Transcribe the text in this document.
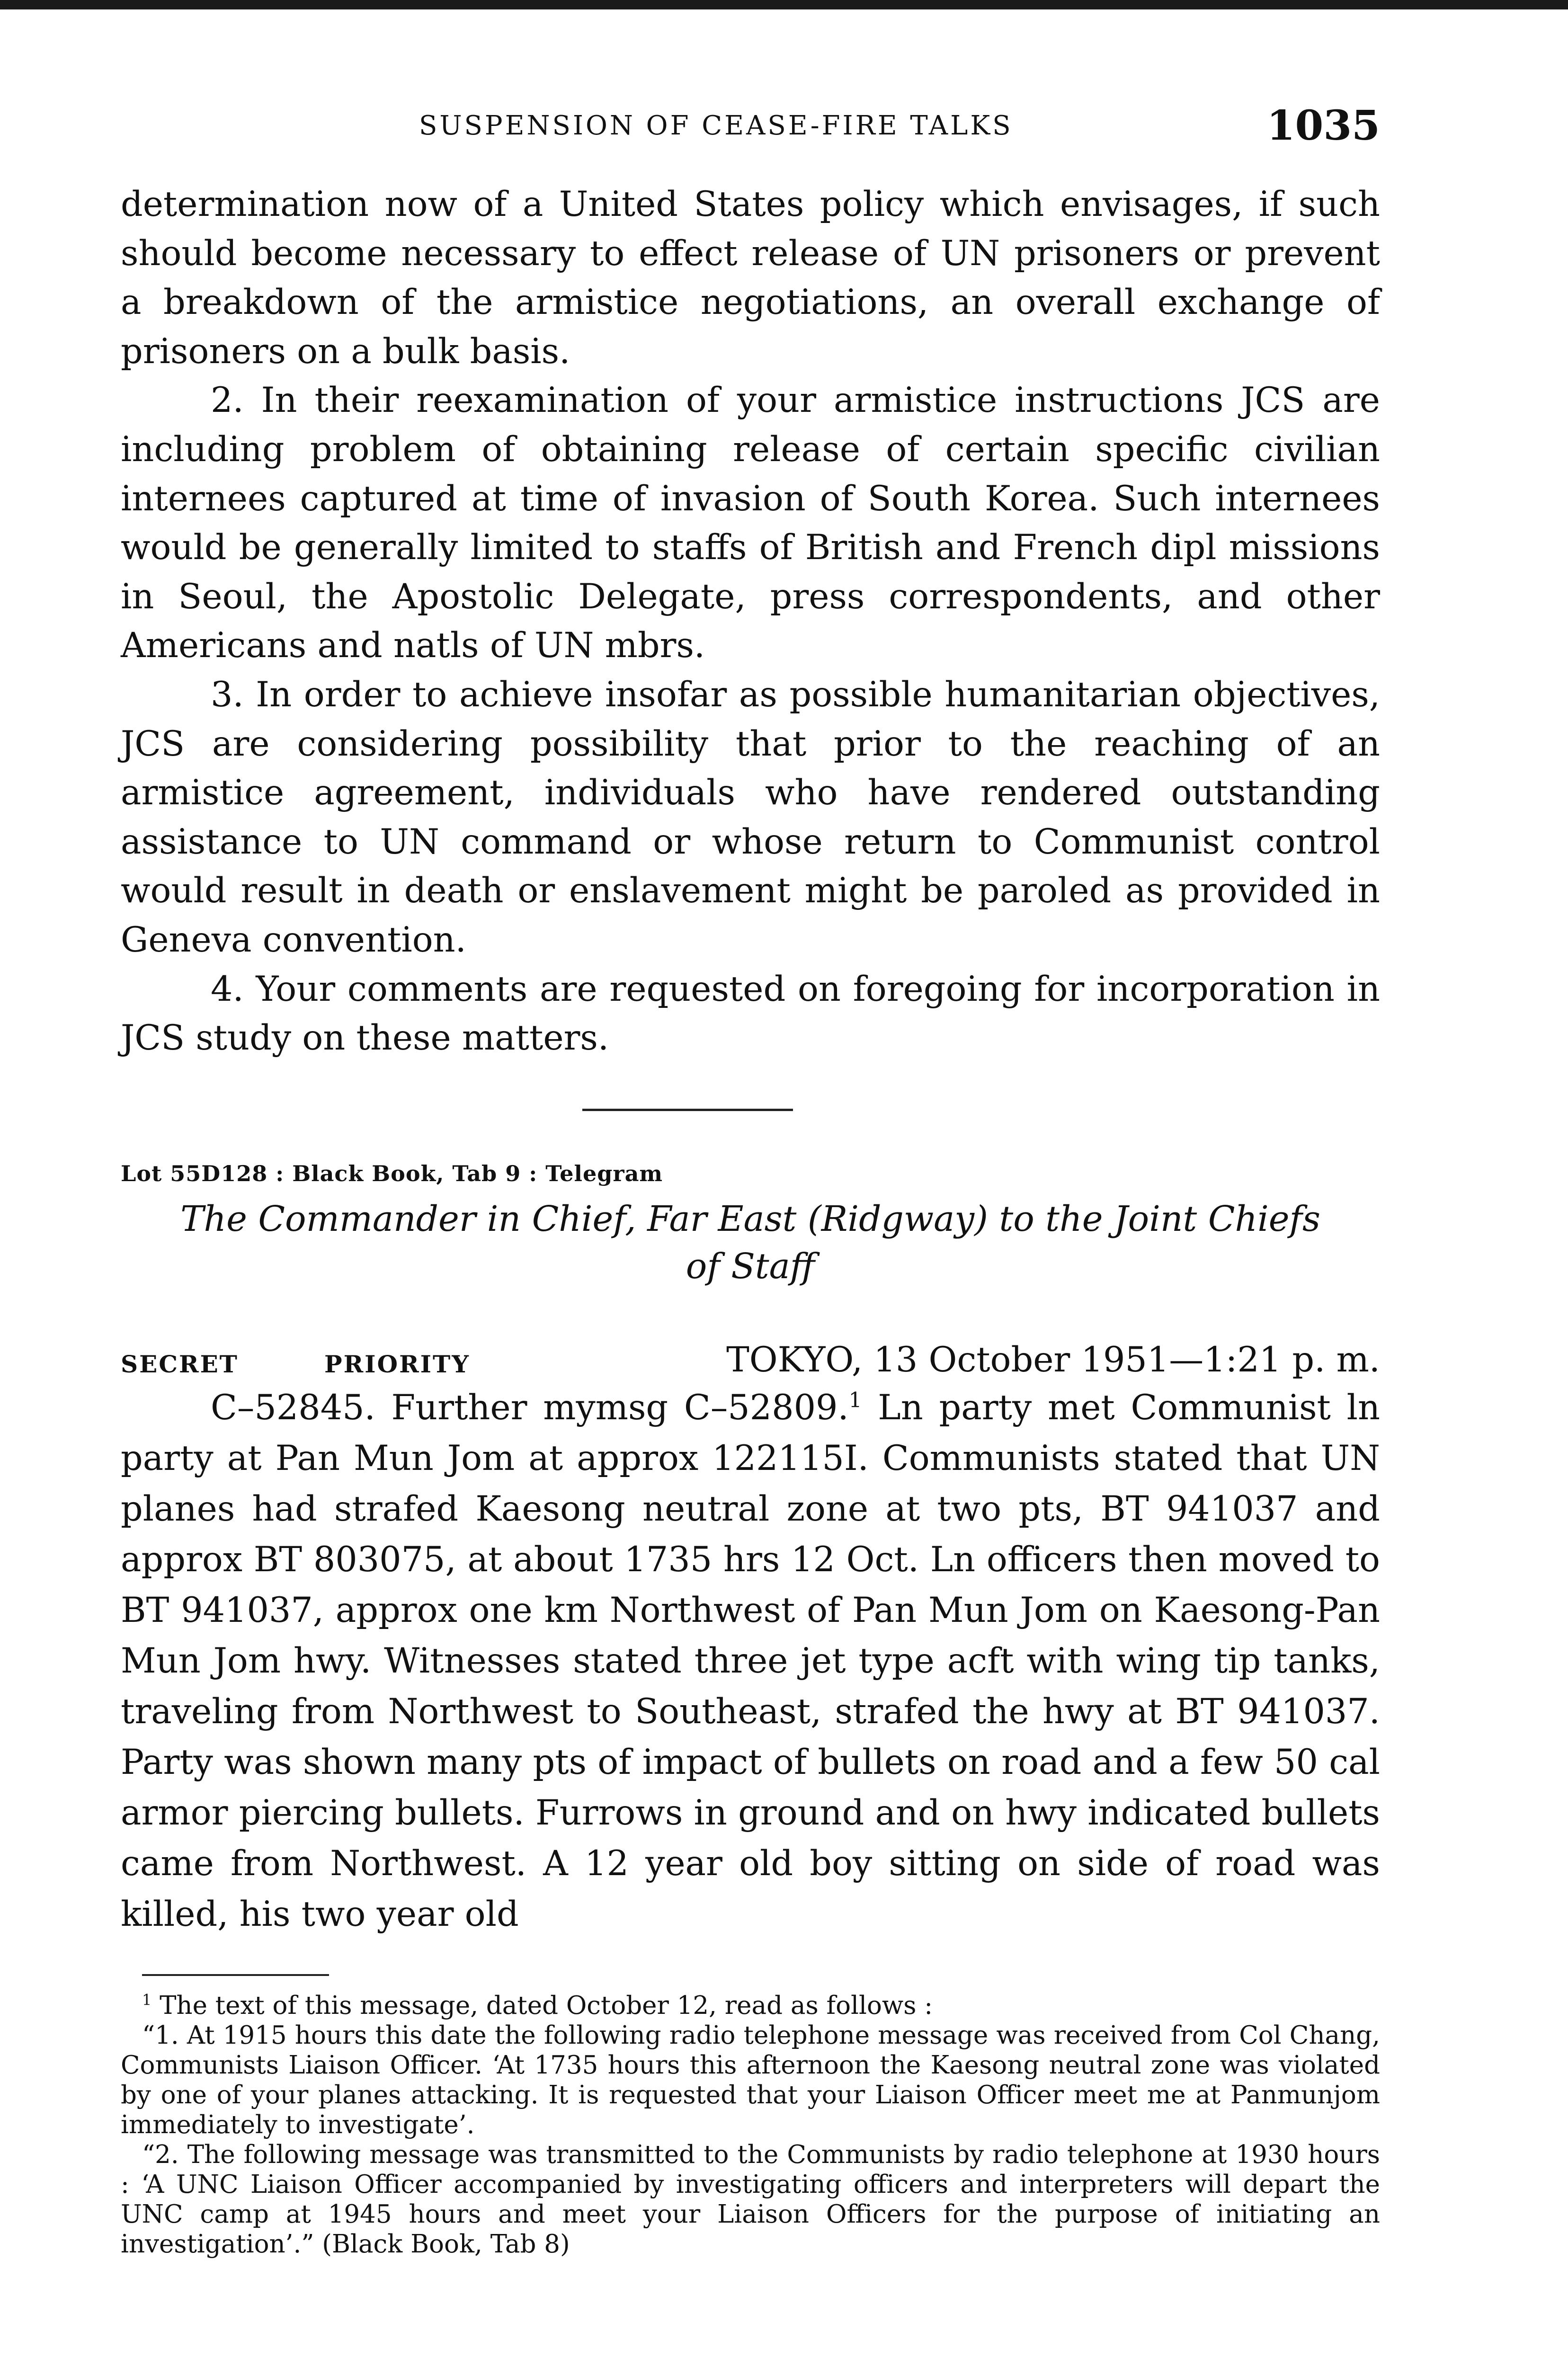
SUSPENSION OF CEASE-FIRE TALKS	1035

determination now of a United States policy which envisages, if such should become necessary to effect release of UN prisoners or prevent a breakdown of the armistice negotiations, an overall exchange of prisoners on a bulk basis.

2. In their reexamination of your armistice instructions JCS are including problem of obtaining release of certain specific civilian internees captured at time of invasion of South Korea. Such internees would be generally limited to staffs of British and French dipl missions in Seoul, the Apostolic Delegate, press correspondents, and other Americans and natls of UN mbrs.

3. In order to achieve insofar as possible humanitarian objectives, JCS are considering possibility that prior to the reaching of an armistice agreement, individuals who have rendered outstanding assistance to UN command or whose return to Communist control would result in death or enslavement might be paroled as provided in Geneva convention.

4. Your comments are requested on foregoing for incorporation in JCS study on these matters.

Lot 55D128 : Black Book, Tab 9 : Telegram
The Commander in Chief, Far East (Ridgway) to the Joint Chiefs
of Staff
SECRET	PRIORITY	TOKYO, 13 October 1951—1:21 p. m.

C–52845. Further mymsg C–52809.$^1$ Ln party met Communist ln party at Pan Mun Jom at approx 122115I. Communists stated that UN planes had strafed Kaesong neutral zone at two pts, BT 941037 and approx BT 803075, at about 1735 hrs 12 Oct. Ln officers then moved to BT 941037, approx one km Northwest of Pan Mun Jom on Kaesong-Pan Mun Jom hwy. Witnesses stated three jet type acft with wing tip tanks, traveling from Northwest to Southeast, strafed the hwy at BT 941037. Party was shown many pts of impact of bullets on road and a few 50 cal armor piercing bullets. Furrows in ground and on hwy indicated bullets came from Northwest. A 12 year old boy sitting on side of road was killed, his two year old

$^1$ The text of this message, dated October 12, read as follows :

“1. At 1915 hours this date the following radio telephone message was received from Col Chang, Communists Liaison Officer. ‘At 1735 hours this afternoon the Kaesong neutral zone was violated by one of your planes attacking. It is requested that your Liaison Officer meet me at Panmunjom immediately to investigate’.

“2. The following message was transmitted to the Communists by radio telephone at 1930 hours : ‘A UNC Liaison Officer accompanied by investigating officers and interpreters will depart the UNC camp at 1945 hours and meet your Liaison Officers for the purpose of initiating an investigation’.” (Black Book, Tab 8)
